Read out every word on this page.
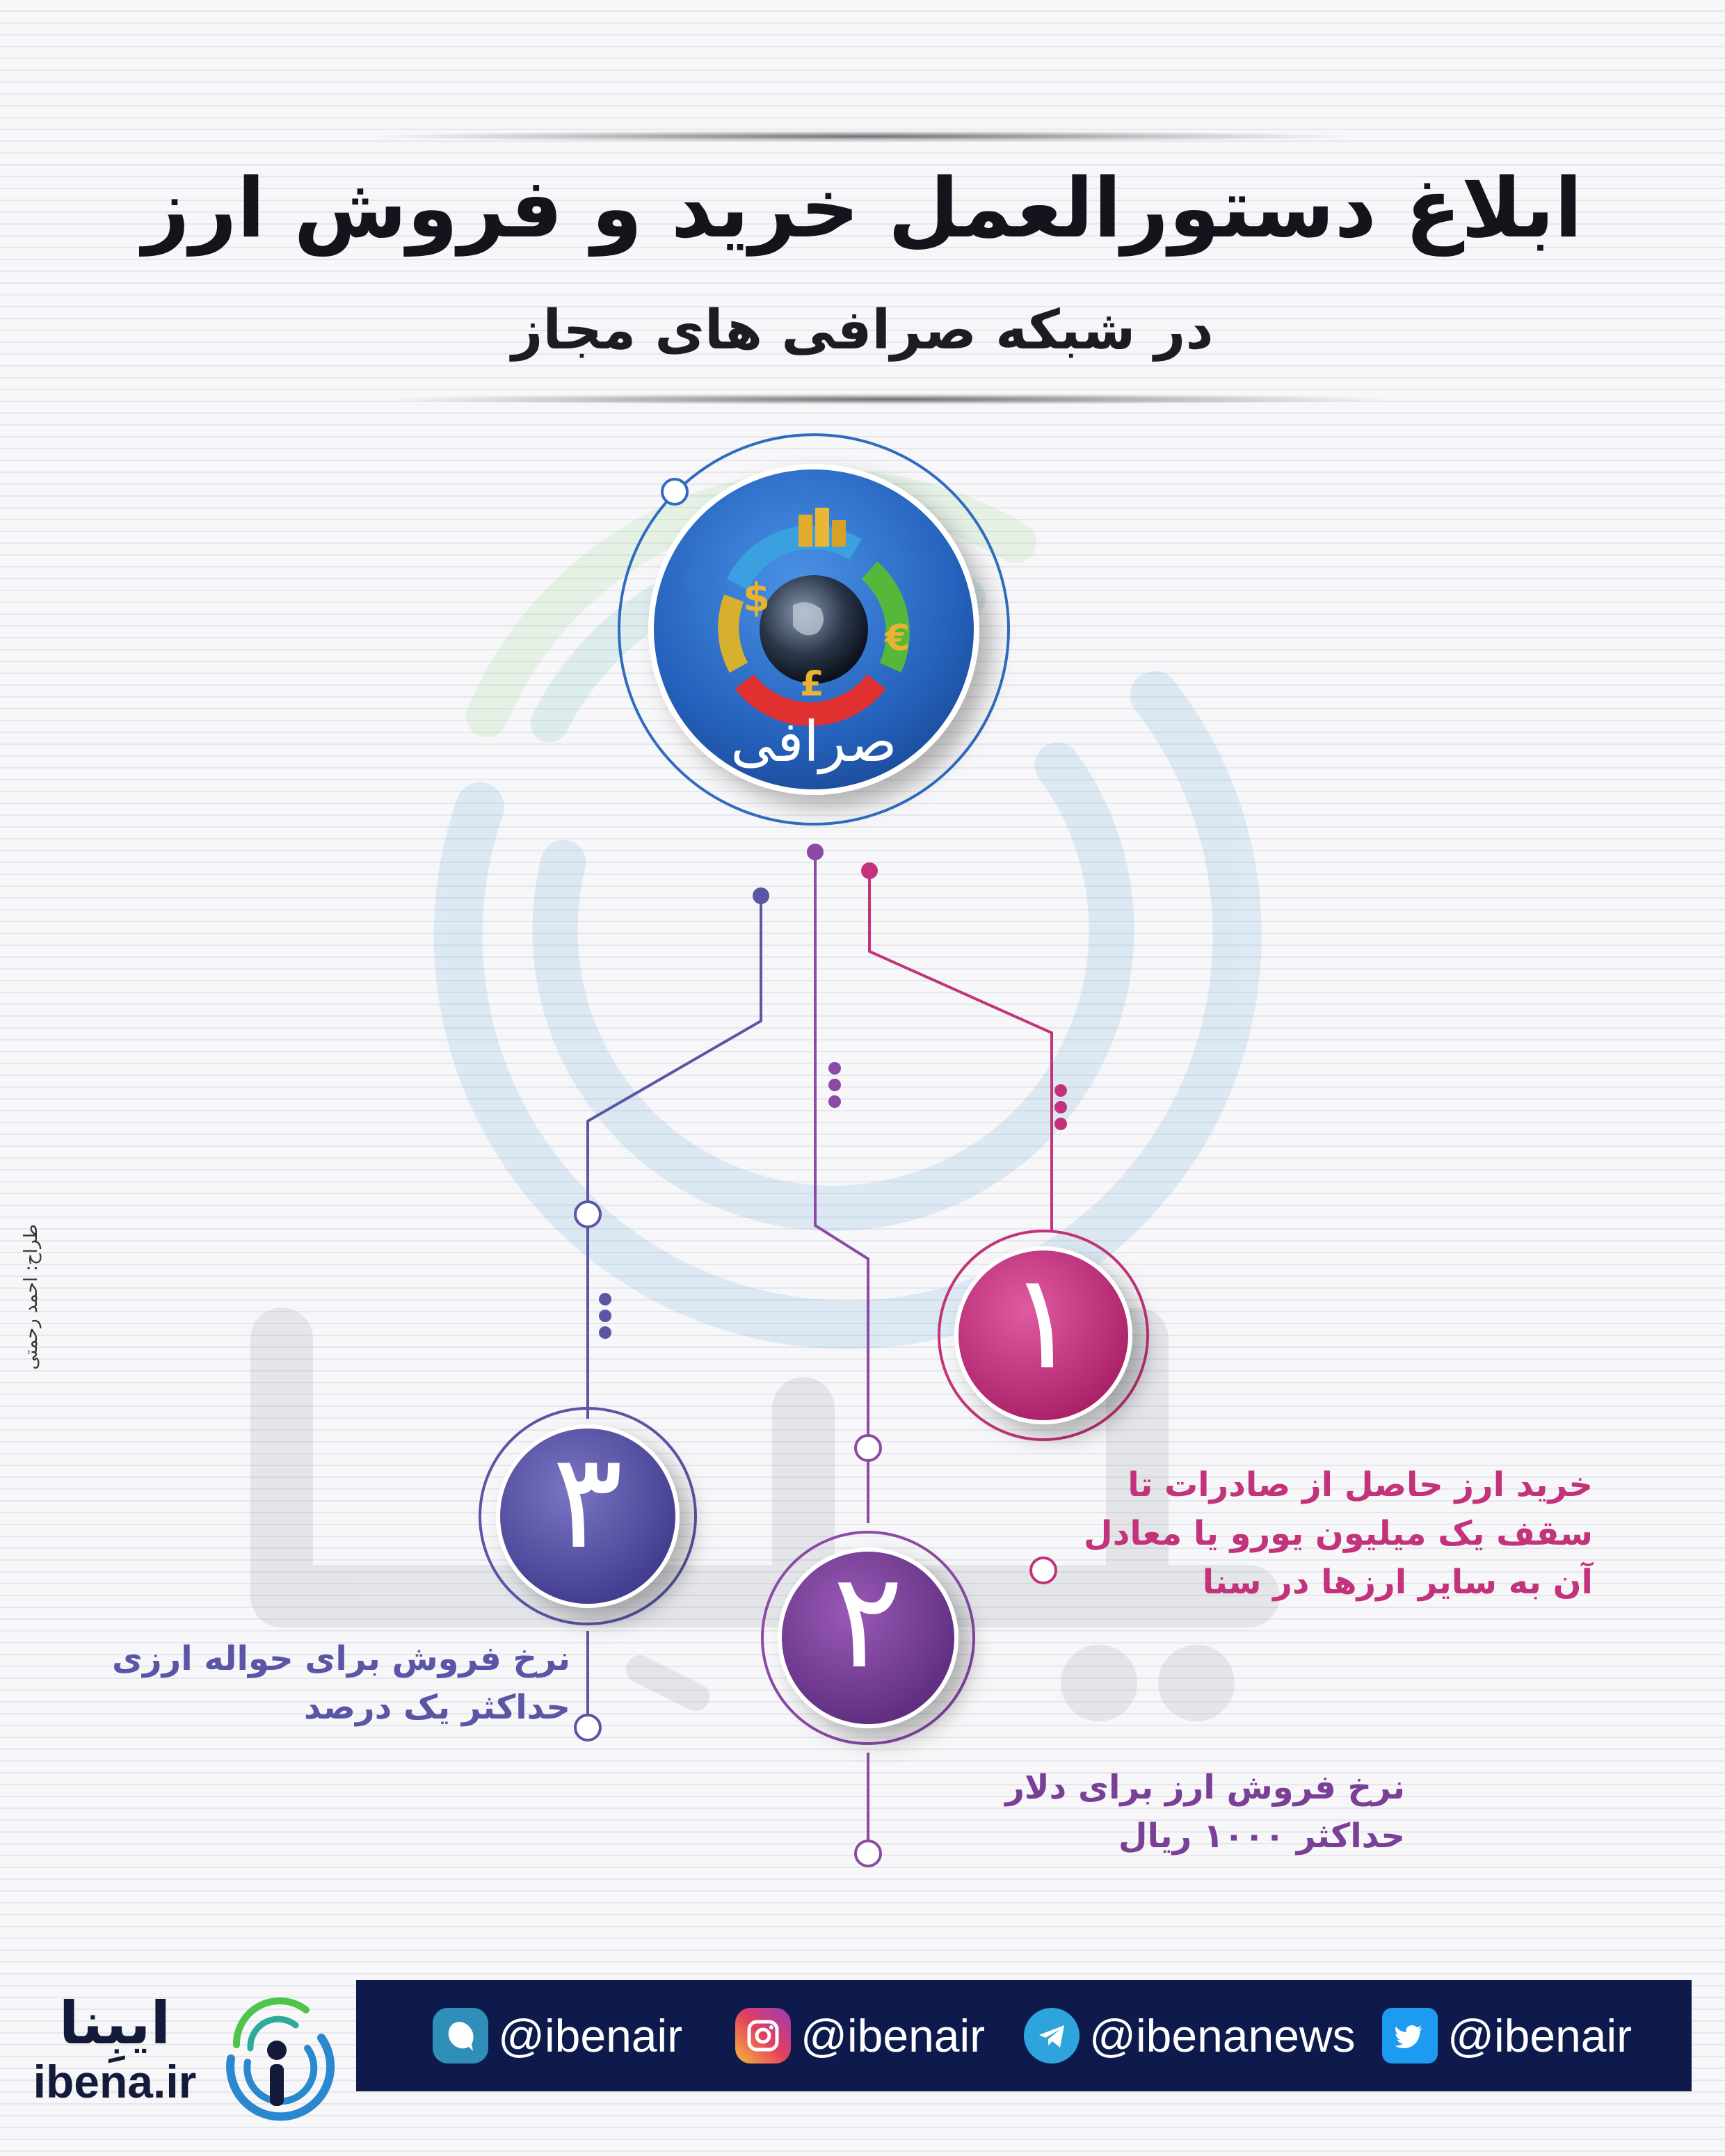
$
€
£
ابلاغ دستورالعمل خرید و فروش ارز
در شبکه صرافی های مجاز
صرافی
۱
۲
۳	خرید ارز حاصل از صادرات تا
سقف یک میلیون یورو یا معادل
آن به سایر ارزها در سنا
نرخ فروش ارز برای دلار
حداکثر ۱۰۰۰ ریال
نرخ فروش برای حواله ارزی
حداکثر یک درصد
طراح: احمد رحمتی
ایبِنا
ibena.ir
@ibenair	@ibenair @ibenanews @ibenair
